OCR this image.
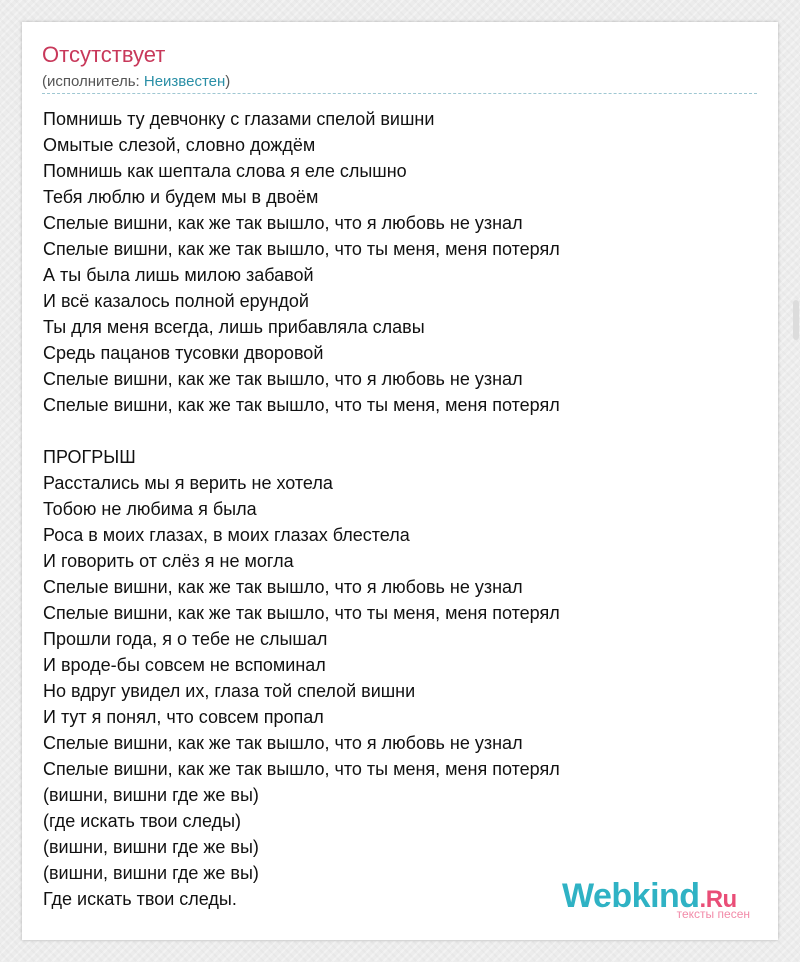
Отсутствует
(исполнитель: Неизвестен)
Помнишь ту девчонку с глазами спелой вишни
Омытые слезой, словно дождём
Помнишь как шептала слова я еле слышно
Тебя люблю и будем мы в двоём
Спелые вишни, как же так вышло, что я любовь не узнал
Спелые вишни, как же так вышло, что ты меня, меня потерял
А ты была лишь милою забавой
И всё казалось полной ерундой
Ты для меня всегда, лишь прибавляла славы
Средь пацанов тусовки дворовой
Спелые вишни, как же так вышло, что я любовь не узнал
Спелые вишни, как же так вышло, что ты меня, меня потерял
ПРОГРЫШ
Расстались мы я верить не хотела
Тобою не любима я была
Роса в моих глазах, в моих глазах блестела
И говорить от слёз я не могла
Спелые вишни, как же так вышло, что я любовь не узнал
Спелые вишни, как же так вышло, что ты меня, меня потерял
Прошли года, я о тебе не слышал
И вроде-бы совсем не вспоминал
Но вдруг увидел их, глаза той спелой вишни
И тут я понял, что совсем пропал
Спелые вишни, как же так вышло, что я любовь не узнал
Спелые вишни, как же так вышло, что ты меня, меня потерял
(вишни, вишни где же вы)
(где искать твои следы)
(вишни, вишни где же вы)
(вишни, вишни где же вы)
Где искать твои следы.	Webkind.Ru
тексты песен
